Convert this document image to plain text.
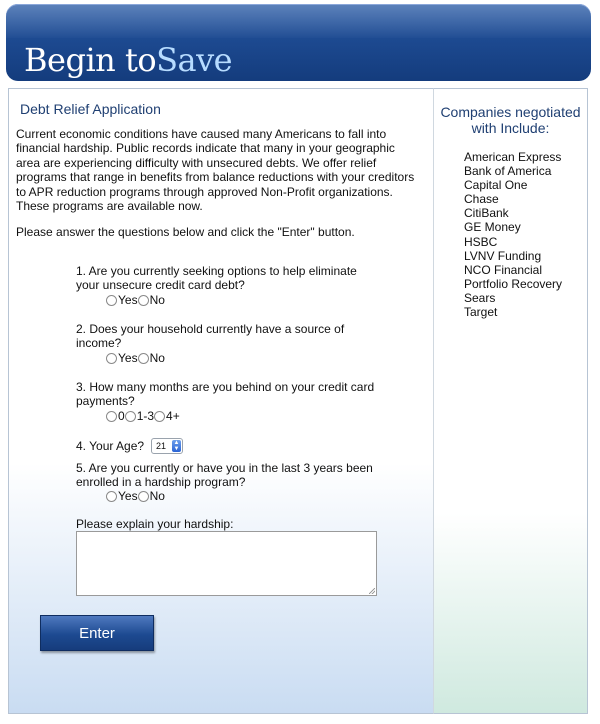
Begin toSave
Debt Relief Application
Current economic conditions have caused many Americans to fall into financial hardship. Public records indicate that many in your geographic area are experiencing difficulty with unsecured debts. We offer relief programs that range in benefits from balance reductions with your creditors to APR reduction programs through approved Non-Profit organizations. These programs are available now.
Please answer the questions below and click the "Enter" button.
1. Are you currently seeking options to help eliminate your unsecure credit card debt?
Yes No
2. Does your household currently have a source of income?
Yes No
3. How many months are you behind on your credit card payments?
0 1-3 4+
4. Your Age?	21	▲
▼
5. Are you currently or have you in the last 3 years been enrolled in a hardship program?
Yes No
Please explain your hardship:
Enter
Companies negotiated with Include:
American Express
Bank of America
Capital One
Chase
CitiBank
GE Money
HSBC
LVNV Funding
NCO Financial
Portfolio Recovery
Sears
Target
